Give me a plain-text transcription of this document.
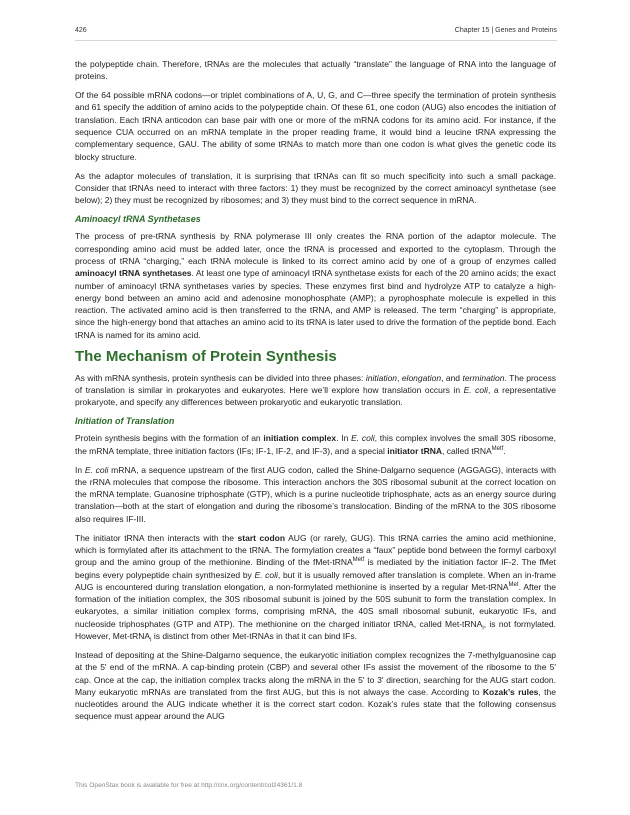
426	Chapter 15 | Genes and Proteins

the polypeptide chain. Therefore, tRNAs are the molecules that actually “translate” the language of RNA into the language of proteins.

Of the 64 possible mRNA codons—or triplet combinations of A, U, G, and C—three specify the termination of protein synthesis and 61 specify the addition of amino acids to the polypeptide chain. Of these 61, one codon (AUG) also encodes the initiation of translation. Each tRNA anticodon can base pair with one or more of the mRNA codons for its amino acid. For instance, if the sequence CUA occurred on an mRNA template in the proper reading frame, it would bind a leucine tRNA expressing the complementary sequence, GAU. The ability of some tRNAs to match more than one codon is what gives the genetic code its blocky structure.

As the adaptor molecules of translation, it is surprising that tRNAs can fit so much specificity into such a small package. Consider that tRNAs need to interact with three factors: 1) they must be recognized by the correct aminoacyl synthetase (see below); 2) they must be recognized by ribosomes; and 3) they must bind to the correct sequence in mRNA.

Aminoacyl tRNA Synthetases

The process of pre-tRNA synthesis by RNA polymerase III only creates the RNA portion of the adaptor molecule. The corresponding amino acid must be added later, once the tRNA is processed and exported to the cytoplasm. Through the process of tRNA “charging,” each tRNA molecule is linked to its correct amino acid by one of a group of enzymes called aminoacyl tRNA synthetases. At least one type of aminoacyl tRNA synthetase exists for each of the 20 amino acids; the exact number of aminoacyl tRNA synthetases varies by species. These enzymes first bind and hydrolyze ATP to catalyze a high-energy bond between an amino acid and adenosine monophosphate (AMP); a pyrophosphate molecule is expelled in this reaction. The activated amino acid is then transferred to the tRNA, and AMP is released. The term “charging” is appropriate, since the high-energy bond that attaches an amino acid to its tRNA is later used to drive the formation of the peptide bond. Each tRNA is named for its amino acid.

The Mechanism of Protein Synthesis

As with mRNA synthesis, protein synthesis can be divided into three phases: initiation, elongation, and termination. The process of translation is similar in prokaryotes and eukaryotes. Here we’ll explore how translation occurs in E. coli, a representative prokaryote, and specify any differences between prokaryotic and eukaryotic translation.

Initiation of Translation

Protein synthesis begins with the formation of an initiation complex. In E. coli, this complex involves the small 30S ribosome, the mRNA template, three initiation factors (IFs; IF-1, IF-2, and IF-3), and a special initiator tRNA, called tRNA$^{Metf}$.

In E. coli mRNA, a sequence upstream of the first AUG codon, called the Shine-Dalgarno sequence (AGGAGG), interacts with the rRNA molecules that compose the ribosome. This interaction anchors the 30S ribosomal subunit at the correct location on the mRNA template. Guanosine triphosphate (GTP), which is a purine nucleotide triphosphate, acts as an energy source during translation—both at the start of elongation and during the ribosome’s translocation. Binding of the mRNA to the 30S ribosome also requires IF-III.

The initiator tRNA then interacts with the start codon AUG (or rarely, GUG). This tRNA carries the amino acid methionine, which is formylated after its attachment to the tRNA. The formylation creates a “faux” peptide bond between the formyl carboxyl group and the amino group of the methionine. Binding of the fMet-tRNA$^{Metf}$ is mediated by the initiation factor IF-2. The fMet begins every polypeptide chain synthesized by E. coli, but it is usually removed after translation is complete. When an in-frame AUG is encountered during translation elongation, a non-formylated methionine is inserted by a regular Met-tRNA$^{Met}$. After the formation of the initiation complex, the 30S ribosomal subunit is joined by the 50S subunit to form the translation complex. In eukaryotes, a similar initiation complex forms, comprising mRNA, the 40S small ribosomal subunit, eukaryotic IFs, and nucleoside triphosphates (GTP and ATP). The methionine on the charged initiator tRNA, called Met-tRNA$_i$, is not formylated. However, Met-tRNA$_i$ is distinct from other Met-tRNAs in that it can bind IFs.

Instead of depositing at the Shine-Dalgarno sequence, the eukaryotic initiation complex recognizes the 7-methylguanosine cap at the 5' end of the mRNA. A cap-binding protein (CBP) and several other IFs assist the movement of the ribosome to the 5' cap. Once at the cap, the initiation complex tracks along the mRNA in the 5' to 3' direction, searching for the AUG start codon. Many eukaryotic mRNAs are translated from the first AUG, but this is not always the case. According to Kozak’s rules, the nucleotides around the AUG indicate whether it is the correct start codon. Kozak’s rules state that the following consensus sequence must appear around the AUG

This OpenStax book is available for free at http://cnx.org/content/col24361/1.8
